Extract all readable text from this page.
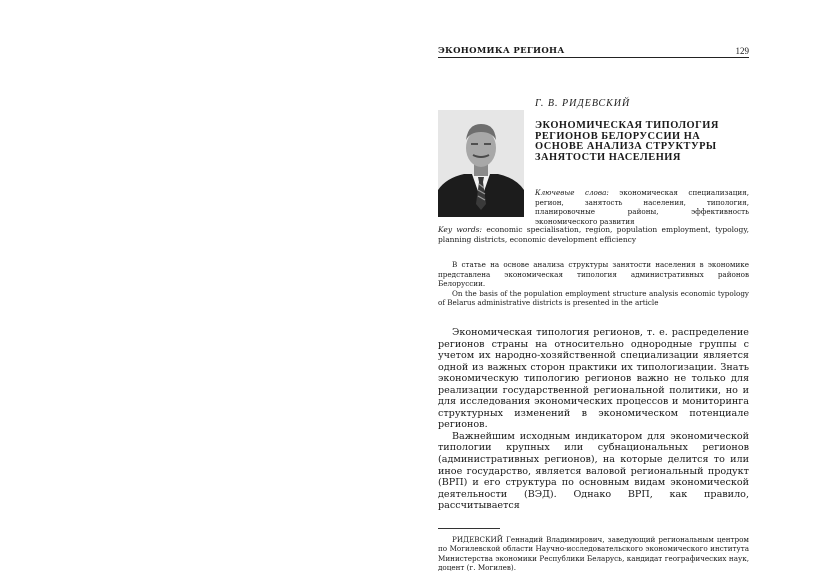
ЭКОНОМИКА РЕГИОНА	129

Г. В. РИДЕВСКИЙ

ЭКОНОМИЧЕСКАЯ ТИПОЛОГИЯ РЕГИОНОВ БЕЛОРУССИИ НА ОСНОВЕ АНАЛИЗА СТРУКТУРЫ ЗАНЯТОСТИ НАСЕЛЕНИЯ

Ключевые слова: экономическая специализация, регион, занятость населения, типология, планировочные районы, эффективность экономического развития

Key words: economic specialisation, region, population employment, typology, planning districts, economic development efficiency

В статье на основе анализа структуры занятости населения в экономике представлена экономическая типология административных районов Белоруссии.

On the basis of the population employment structure analysis economic typology of Belarus administrative districts is presented in the article

Экономическая типология регионов, т. е. распределение регионов страны на относительно однородные группы с учетом их народно-хозяйственной специализации является одной из важных сторон практики их типологизации. Знать экономическую типологию регионов важно не только для реализации государственной региональной политики, но и для исследования экономических процессов и мониторинга структурных изменений в экономическом потенциале регионов.

Важнейшим исходным индикатором для экономической типологии крупных или субнациональных регионов (административных регионов), на которые делится то или иное государство, является валовой региональный продукт (ВРП) и его структура по основным видам экономической деятельности (ВЭД). Однако ВРП, как правило, рассчитывается

РИДЕВСКИЙ Геннадий Владимирович, заведующий региональным центром по Могилевской области Научно-исследовательского экономического института Министерства экономики Республики Беларусь, кандидат географических наук, доцент (г. Могилев).
